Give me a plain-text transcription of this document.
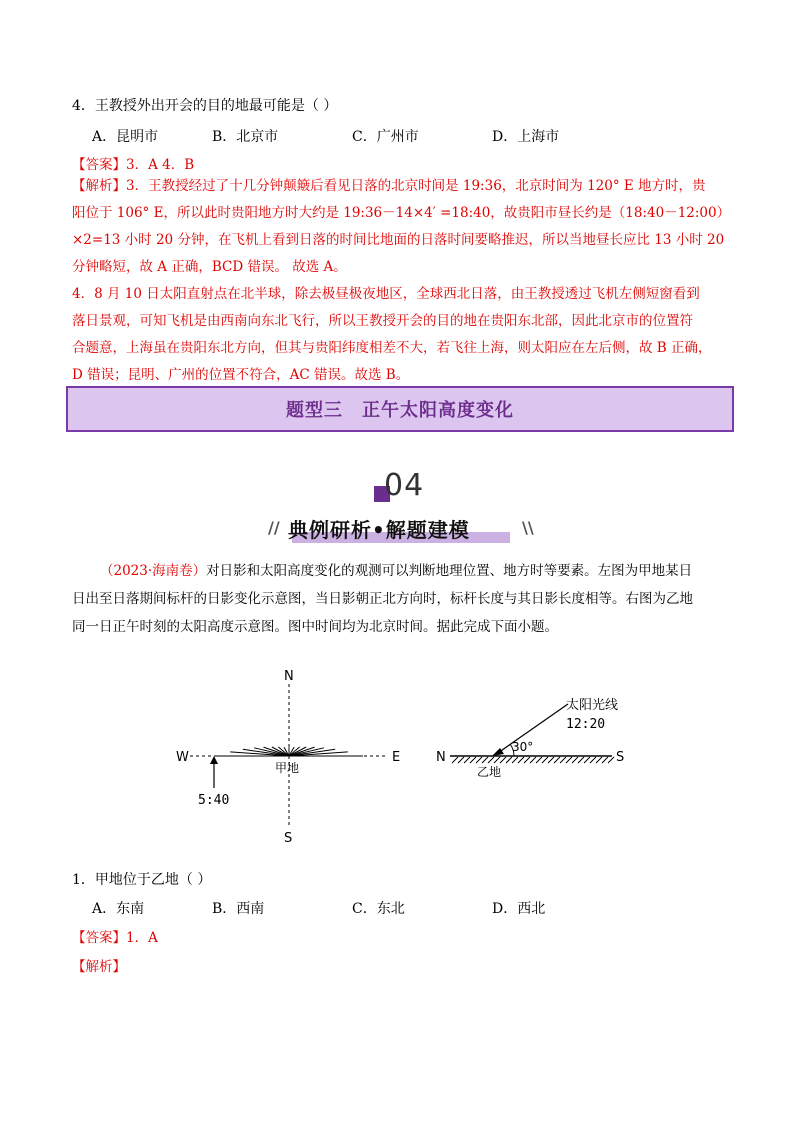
4．王教授外出开会的目的地最可能是（ ）
A．昆明市	B．北京市	C．广州市	D．上海市
【答案】3．A 4．B
【解析】3．王教授经过了十几分钟颠簸后看见日落的北京时间是 19:36，北京时间为 120° E 地方时，贵
阳位于 106° E，所以此时贵阳地方时大约是 19:36－14×4′ =18:40，故贵阳市昼长约是（18:40－12:00）
×2=13 小时 20 分钟，在飞机上看到日落的时间比地面的日落时间要略推迟，所以当地昼长应比 13 小时 20
分钟略短，故 A 正确，BCD 错误。 故选 A。
4．8 月 10 日太阳直射点在北半球，除去极昼极夜地区，全球西北日落，由王教授透过飞机左侧短窗看到
落日景观，可知飞机是由西南向东北飞行，所以王教授开会的目的地在贵阳东北部，因此北京市的位置符
合题意，上海虽在贵阳东北方向，但其与贵阳纬度相差不大，若飞往上海，则太阳应在左后侧，故 B 正确，
D 错误；昆明、广州的位置不符合，AC 错误。故选 B。
题型三　正午太阳高度变化
04
// 典例研析•解题建模	\\
（2023·海南卷）对日影和太阳高度变化的观测可以判断地理位置、地方时等要素。左图为甲地某日
日出至日落期间标杆的日影变化示意图，当日影朝正北方向时，标杆长度与其日影长度相等。右图为乙地
同一日正午时刻的太阳高度示意图。图中时间均为北京时间。据此完成下面小题。
N
S
W	E
甲地
5:40
N	S
太阳光线
12:20
30°
乙地
1．甲地位于乙地（ ）
A．东南	B．西南	C．东北	D．西北
【答案】1．A
【解析】
